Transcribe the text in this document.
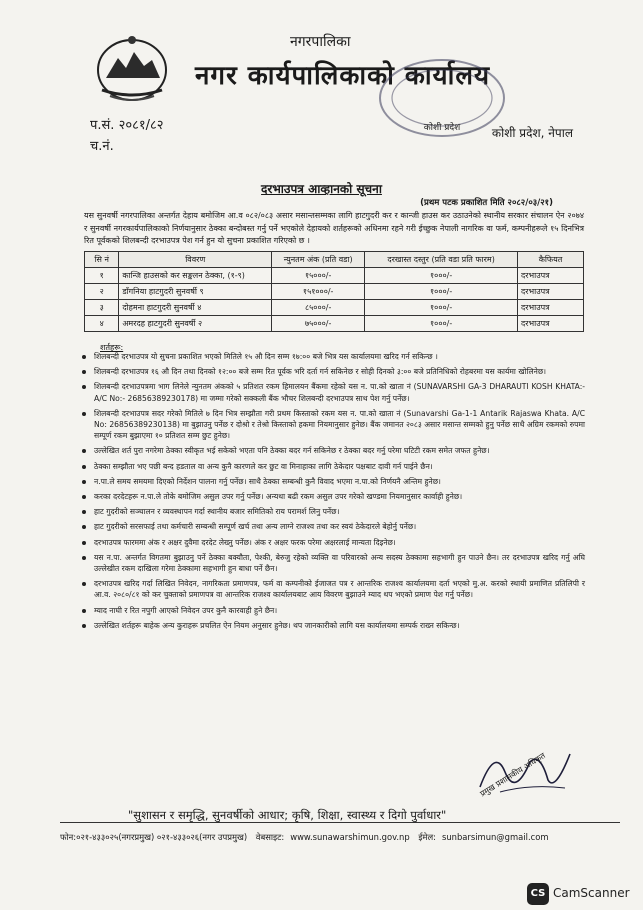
नगरपालिका
नगर कार्यपालिकाको कार्यालय
कोशी प्रदेश
प.सं. २०८१/८२
च.नं.
कोशी प्रदेश, नेपाल
दरभाउपत्र आव्हानको सूचना
(प्रथम पटक प्रकाशित मिति २०८२/०३/२१)
यस सुनवर्षी नगरपालिका अन्तर्गत देहाय बमोजिम आ.व ०८२/०८३ असार मसान्तसम्मका लागि हाटगुदरी कर र कान्जी हाउस कर उठाउनेको स्थानीय सरकार संचालन ऐन २०७४ र सुनवर्षी नगरकार्यपालिकाको निर्णयानुसार ठेक्का बन्दोबस्त गर्नु पर्ने भएकोले देहायको शर्तहरूको अधिनमा रहने गरी ईच्छुक नेपाली नागरिक वा फर्म, कम्पनीहरूले १५ दिनभित्र रित पूर्वकको शिलबन्दी दरभाउपत्र पेश गर्न हुन यो सुचना प्रकाशित गरिएको छ ।
सि नं	विवरण	न्युनतम अंक (प्रति वडा)	दरखास्त दस्तुर (प्रति वडा प्रति फारम)	कैफियत
१	कान्जि हाउसको कर सङ्कलन ठेक्का, (१-९)	१५०००/-	१०००/-	दरभाउपत्र
२	डाँगनिया हाटगुदरी सुनवर्षी ९	१५१०००/-	१०००/-	दरभाउपत्र
३	दोहमना हाटगुदरी सुनवर्षी ४	८५०००/-	१०००/-	दरभाउपत्र
४	अमरदह हाटगुदरी सुनवर्षी २	७५०००/-	१०००/-	दरभाउपत्र
शर्तहरू:
शिलबन्दी दरभाउपत्र यो सुचना प्रकाशित भएको मितिले १५ औ दिन सम्म १७:०० बजे भित्र यस कार्यालयमा खरिद गर्न सकिन्छ ।
शिलबन्दी दरभाउपत्र १६ औ दिन तथा दिनको १२:०० बजे सम्म रित पूर्वक भरि दर्ता गर्न सकिनेछ र सोही दिनको ३:०० बजे प्रतिनिधिको रोहबरमा यस कार्यमा खोलिनेछ।
शिलबन्दी दरभाउपत्रमा भाग लिनेले न्युनतम अंकको ५ प्रतिशत रकम हिमालयन बैंकमा रहेको यस न. पा.को खाता नं (SUNAVARSHI GA-3 DHARAUTI KOSH KHATA:- A/C No:- 26856389230178) मा जम्मा गरेको सक्कली बैंक भौचर शिलबन्दी दरभाउपत्र साथ पेश गर्नु पर्नेछ।
शिलबन्दी दरभाउपत्र सदर गरेको मितिले ७ दिन भित्र सम्झौता गरी प्रथम किस्ताको रकम यस न. पा.को खाता नं (Sunavarshi Ga-1-1 Antarik Rajaswa Khata. A/C No: 26856389230138) मा बुझाउनु पर्नेछ र दोश्रो र तेश्रो किस्ताको हकमा नियमानुसार हुनेछ। बैंक जमानत २०८३ असार मसान्त सम्मको हुनु पर्नेछ साथै अग्रिम रकमको रुपमा सम्पूर्ण रकम बुझाएमा १० प्रतिशत सम्म छुट हुनेछ।
उल्लेखित शर्त पुरा नगरेमा ठेक्का स्वीकृत भई सकेको भएता पनि ठेक्का बदर गर्न सकिनेछ र ठेक्का बदर गर्नु परेमा घटिटी रकम समेत जफत हुनेछ।
ठेक्का सम्झौता भए पछी बन्द हडताल वा अन्य कुनै कारणले कर छुट वा मिनाहाका लागि ठेकेदार पक्षबाट दावी गर्न पाईने छैन।
न.पा.ले समय समयमा दिएको निर्देशन पालना गर्नु पर्नेछ। साथै ठेक्का सम्बन्धी कुनै विवाद भएमा न.पा.को निर्णयनै अन्तिम हुनेछ।
करका दरदेटहरू न.पा.ले तोके बमोजिम असुल उपर गर्नु पर्नेछ। अन्यथा बढी रकम असुल उपर गरेको खण्डमा नियमानुसार कार्वाही हुनेछ।
हाट गुदरीको सञ्चालन र व्यवस्थापन गर्दा स्थानीय बजार समितिको राय परामर्श लिनु पर्नेछ।
हाट गुदरीको सरसफाई तथा कर्मचारी सम्बन्धी सम्पूर्ण खर्च तथा अन्य लाग्ने राजश्व तथा कर स्वयं ठेकेदारले बेहोर्नु पर्नेछ।
दरभाउपत्र फारममा अंक र अक्षर दुवैमा दरदेट लेख्नु पर्नेछ। अंक र अक्षर फरक परेमा अक्षरलाई मान्यता दिइनेछ।
यस न.पा. अन्तर्गत विगतमा बुझाउनु पर्ने ठेक्का बक्यौता, पेश्की, बेरुजु रहेको व्यक्ति वा परिवारको अन्य सदस्य ठेक्कामा सहभागी हुन पाउने छैन। तर दरभाउपत्र खरिद गर्नु अघि उल्लेखीत रकम दाखिला गरेमा ठेक्कामा सहभागी हुन बाधा पर्ने छैन।
दरभाउपत्र खरिद गर्दा लिखित निवेदन, नागरिकता प्रमाणपत्र, फर्म वा कम्पनीको ईजाजत पत्र र आन्तरिक राजश्व कार्यालयमा दर्ता भएको मु.अ. करको स्थायी प्रमाणित प्रतिलिपी र आ.व. २०८०/८१ को कर चुक्ताको प्रमाणपत्र वा आन्तरिक राजश्व कार्यालयबाट आय विवरण बुझाउने म्याद थप भएको प्रमाण पेश गर्नु पर्नेछ।
म्याद नाघी र रित नपुगी आएको निवेदन उपर कुनै कारवाही हुने छैन।
उल्लेखित शर्तहरू बाहेक अन्य कुराहरू प्रचलित ऐन नियम अनुसार हुनेछ। थप जानकारीको लागि यस कार्यालयमा सम्पर्क राख्न सकिन्छ।
प्रमुख प्रशासकीय अधिकृत
"सुशासन र समृद्धि, सुनवर्षीको आधार; कृषि, शिक्षा, स्वास्थ्य र दिगो पुर्वाधार"
फोन:०२१-४३३०२५(नगरप्रमुख) ०२१-४३३०२६(नगर उपप्रमुख) वेबसाइट: www.sunawarshimun.gov.np ईमेल: sunbarsimun@gmail.com
CS CamScanner
